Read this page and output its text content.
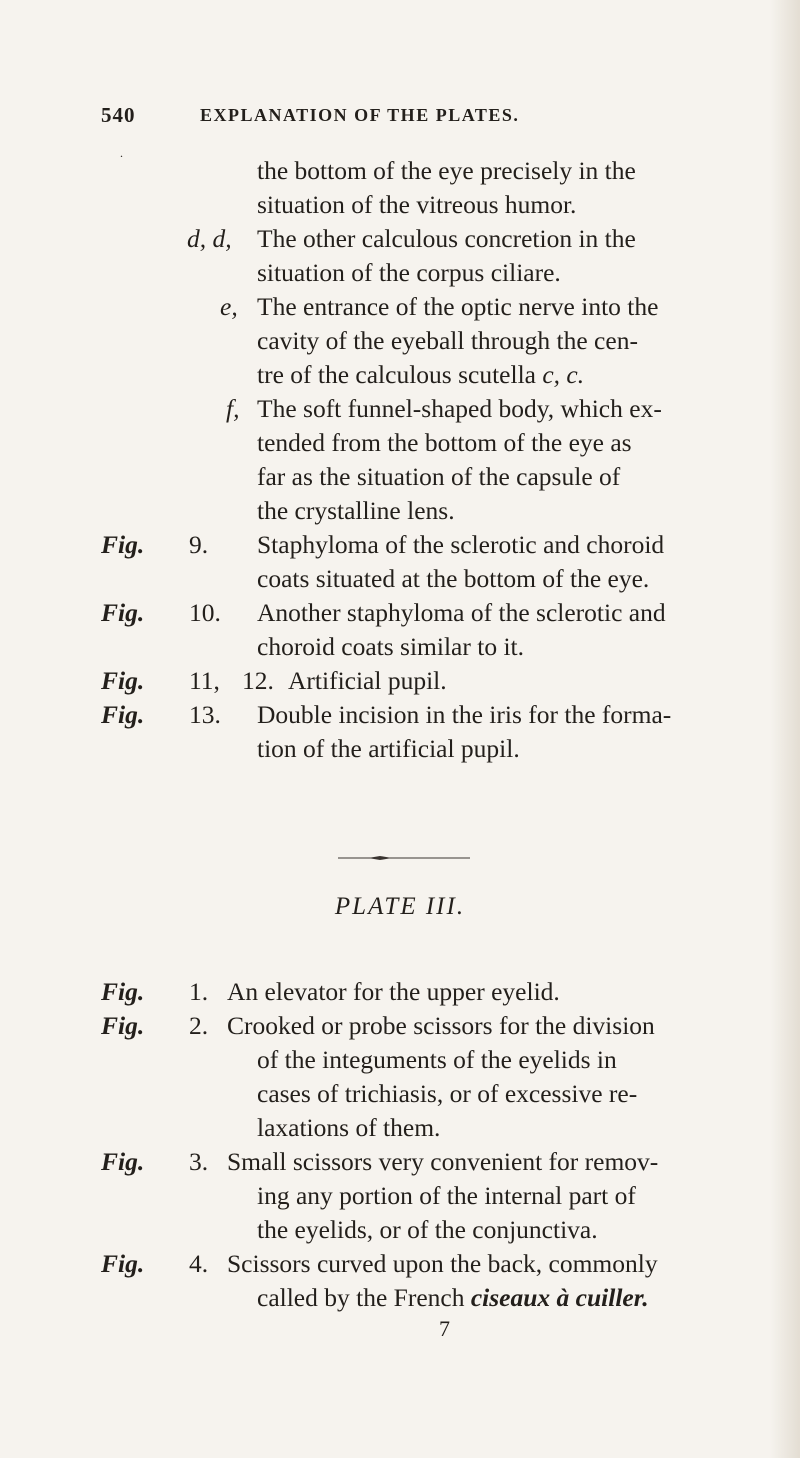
540	EXPLANATION OF THE PLATES.
.
the bottom of the eye precisely in the
situation of the vitreous humor.
d, d, The other calculous concretion in the
situation of the corpus ciliare.
e, The entrance of the optic nerve into the
cavity of the eyeball through the cen-
tre of the calculous scutella c, c.
f, The soft funnel-shaped body, which ex-
tended from the bottom of the eye as
far as the situation of the capsule of
the crystalline lens.
Fig. 9. Staphyloma of the sclerotic and choroid
coats situated at the bottom of the eye.
Fig. 10. Another staphyloma of the sclerotic and
choroid coats similar to it.
Fig. 11, 12. Artificial pupil.
Fig. 13. Double incision in the iris for the forma-
tion of the artificial pupil.
PLATE III.
Fig. 1. An elevator for the upper eyelid.
Fig. 2. Crooked or probe scissors for the division
of the integuments of the eyelids in
cases of trichiasis, or of excessive re-
laxations of them.
Fig. 3. Small scissors very convenient for remov-
ing any portion of the internal part of
the eyelids, or of the conjunctiva.
Fig. 4. Scissors curved upon the back, commonly
called by the French ciseaux à cuiller.
7
